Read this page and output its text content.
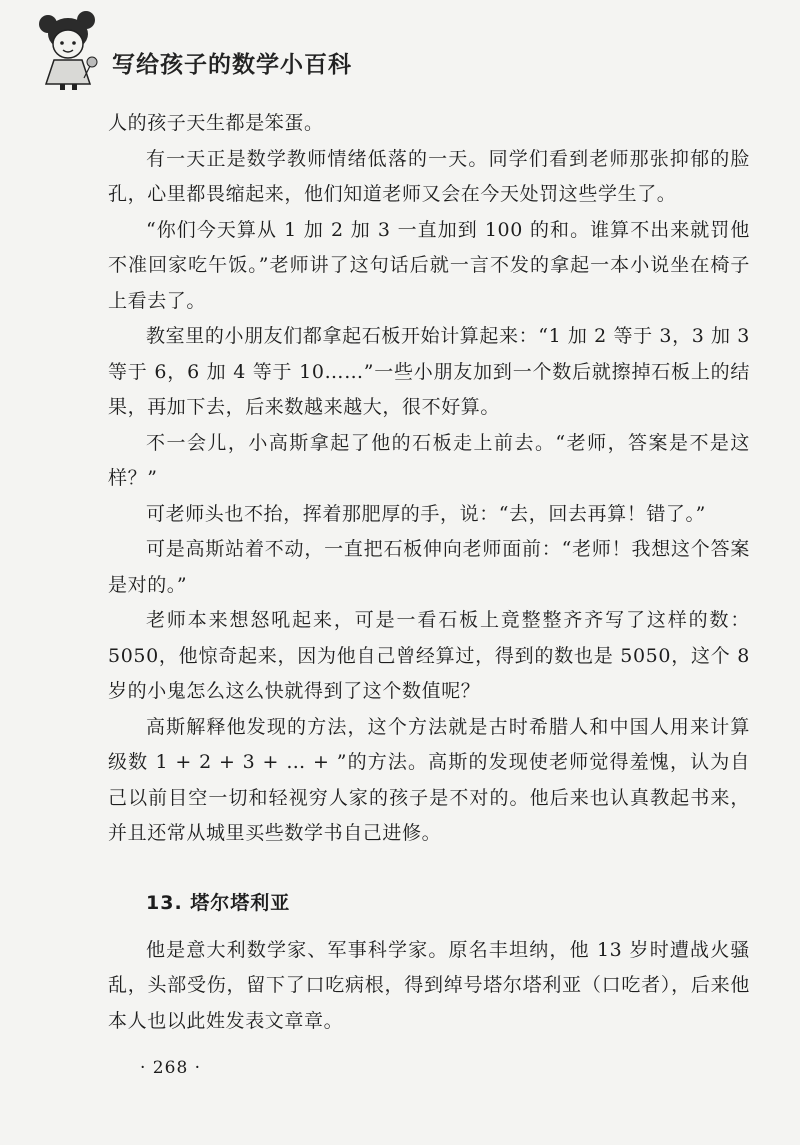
写给孩子的数学小百科

人的孩子天生都是笨蛋。

有一天正是数学教师情绪低落的一天。同学们看到老师那张抑郁的脸孔，心里都畏缩起来，他们知道老师又会在今天处罚这些学生了。

“你们今天算从 1 加 2 加 3 一直加到 100 的和。谁算不出来就罚他不准回家吃午饭。”老师讲了这句话后就一言不发的拿起一本小说坐在椅子上看去了。

教室里的小朋友们都拿起石板开始计算起来：“1 加 2 等于 3，3 加 3 等于 6，6 加 4 等于 10……”一些小朋友加到一个数后就擦掉石板上的结果，再加下去，后来数越来越大，很不好算。

不一会儿，小高斯拿起了他的石板走上前去。“老师，答案是不是这样？”

可老师头也不抬，挥着那肥厚的手，说：“去，回去再算！错了。”

可是高斯站着不动，一直把石板伸向老师面前：“老师！我想这个答案是对的。”

老师本来想怒吼起来，可是一看石板上竟整整齐齐写了这样的数：5050，他惊奇起来，因为他自己曾经算过，得到的数也是 5050，这个 8 岁的小鬼怎么这么快就得到了这个数值呢？

高斯解释他发现的方法，这个方法就是古时希腊人和中国人用来计算级数 1 + 2 + 3 + … + ”的方法。高斯的发现使老师觉得羞愧，认为自己以前目空一切和轻视穷人家的孩子是不对的。他后来也认真教起书来，并且还常从城里买些数学书自己进修。

13. 塔尔塔利亚

他是意大利数学家、军事科学家。原名丰坦纳，他 13 岁时遭战火骚乱，头部受伤，留下了口吃病根，得到绰号塔尔塔利亚（口吃者），后来他本人也以此姓发表文章章。

· 268 ·
